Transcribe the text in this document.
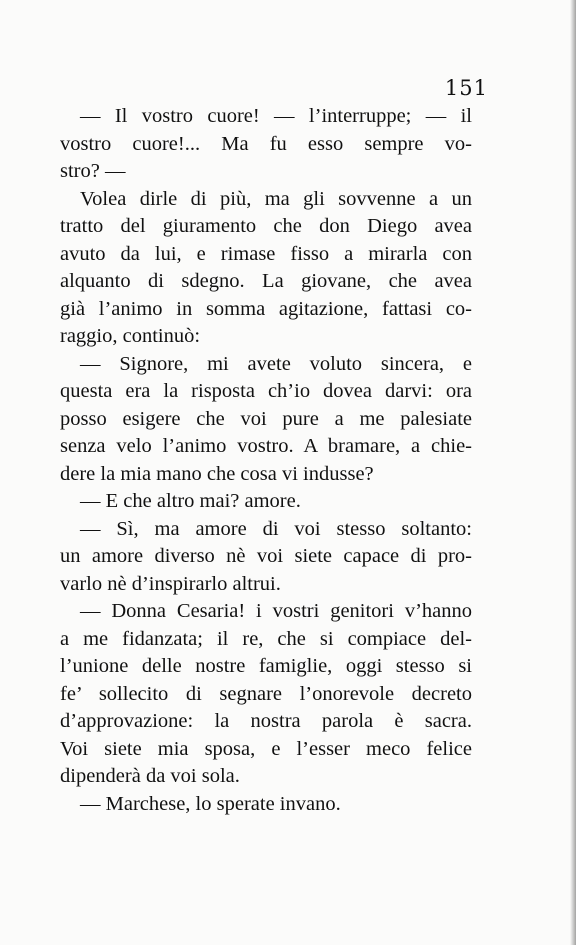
151
— Il vostro cuore! — l’interruppe; — il
vostro cuore!... Ma fu esso sempre vo-
stro? —
Volea dirle di più, ma gli sovvenne a un
tratto del giuramento che don Diego avea
avuto da lui, e rimase fisso a mirarla con
alquanto di sdegno. La giovane, che avea
già l’animo in somma agitazione, fattasi co-
raggio, continuò:
— Signore, mi avete voluto sincera, e
questa era la risposta ch’io dovea darvi: ora
posso esigere che voi pure a me palesiate
senza velo l’animo vostro. A bramare, a chie-
dere la mia mano che cosa vi indusse?
— E che altro mai? amore.
— Sì, ma amore di voi stesso soltanto:
un amore diverso nè voi siete capace di pro-
varlo nè d’inspirarlo altrui.
— Donna Cesaria! i vostri genitori v’hanno
a me fidanzata; il re, che si compiace del-
l’unione delle nostre famiglie, oggi stesso si
fe’ sollecito di segnare l’onorevole decreto
d’approvazione: la nostra parola è sacra.
Voi siete mia sposa, e l’esser meco felice
dipenderà da voi sola.
— Marchese, lo sperate invano.
